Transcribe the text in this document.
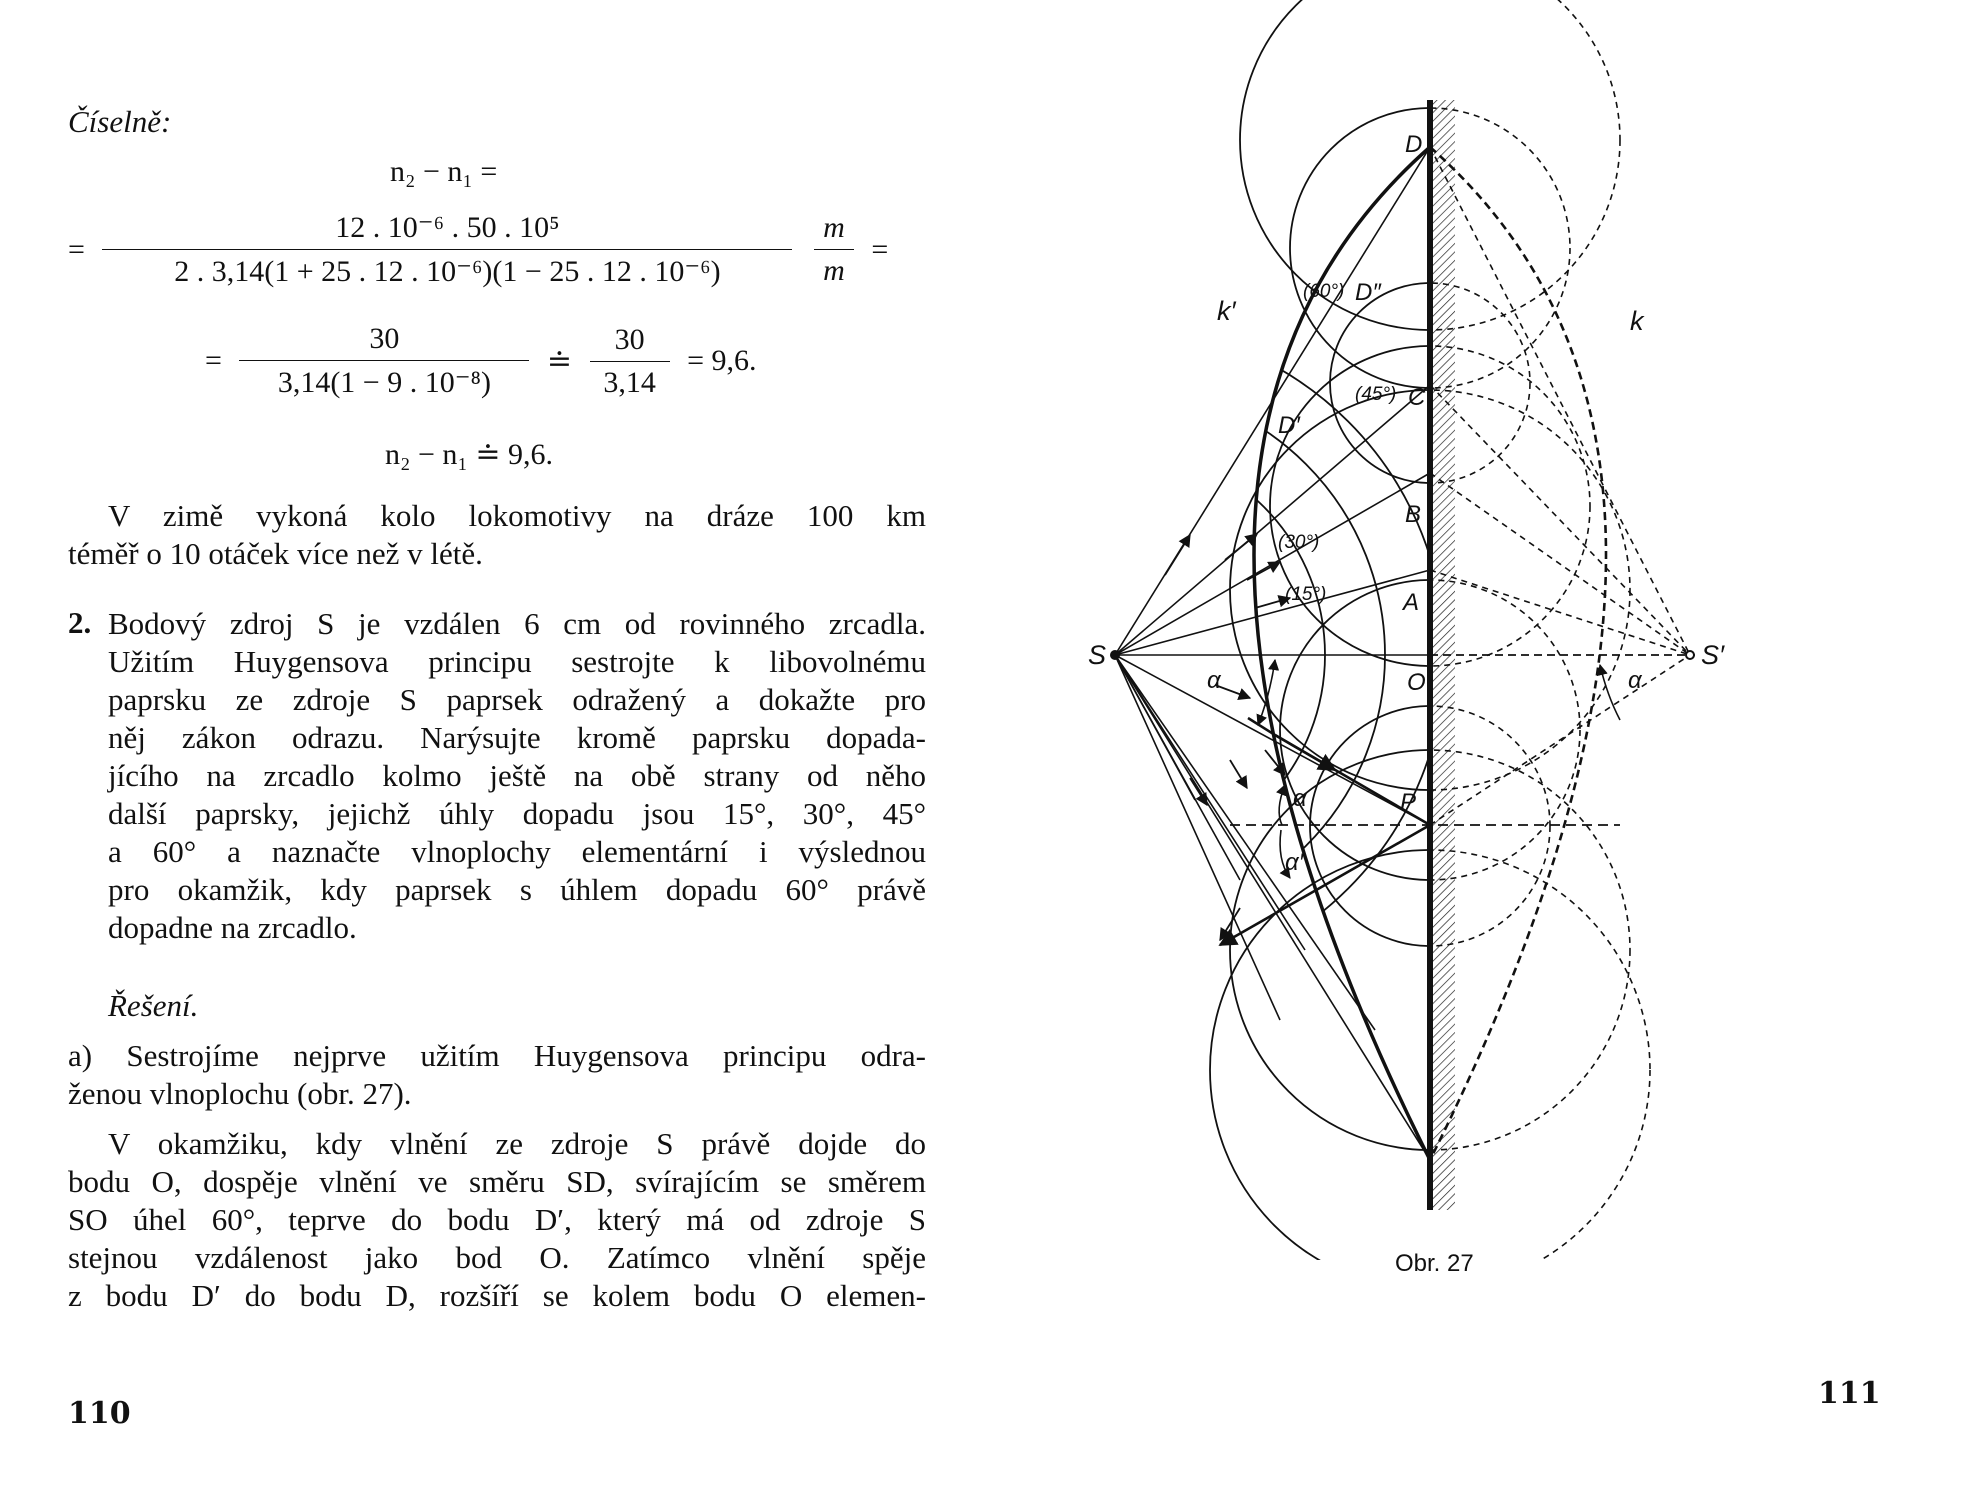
Číselně:
n₂ − n₁ =
= $\frac{\text{12 . 10⁻⁶ . 50 . 10⁵}}{\text{2 . 3,14(1 + 25 . 12 . 10⁻⁶)(1 − 25 . 12 . 10⁻⁶)}}$
$\frac{m}{m}$ =
= $\frac{30}{\text{3,14(1 − 9 . 10⁻⁸)}}$ ≐ $\frac{30}{3,14} = 9,6$.
n₂ − n₁ ≐ 9,6.
V zimě vykoná kolo lokomotivy na dráze 100 km
téměř o 10 otáček více než v létě.
2. Bodový zdroj S je vzdálen 6 cm od rovinného zrcadla.
Užitím Huygensova principu sestrojte k libovolnému
paprsku ze zdroje S paprsek odražený a dokažte pro
něj zákon odrazu. Narýsujte kromě paprsku dopada-
jícího na zrcadlo kolmo ještě na obě strany od něho
další paprsky, jejichž úhly dopadu jsou 15°, 30°, 45°
a 60° a naznačte vlnoplochy elementární i výslednou
pro okamžik, kdy paprsek s úhlem dopadu 60° právě
dopadne na zrcadlo.
Řešení.
a) Sestrojíme nejprve užitím Huygensova principu odra-
ženou vlnoplochu (obr. 27).
V okamžiku, kdy vlnění ze zdroje S právě dojde do
bodu O, dospěje vlnění ve směru SD, svírajícím se směrem
SO úhel 60°, teprve do bodu D′, který má od zdroje S
stejnou vzdálenost jako bod O. Zatímco vlnění spěje
z bodu D′ do bodu D, rozšíří se kolem bodu O elemen-
110
S	S′
O
A
B
C
D
D′
D″
P
k
k′
α	α
α
α′
(15°)
(30°)
(45°)
(60°)
Obr. 27
111
